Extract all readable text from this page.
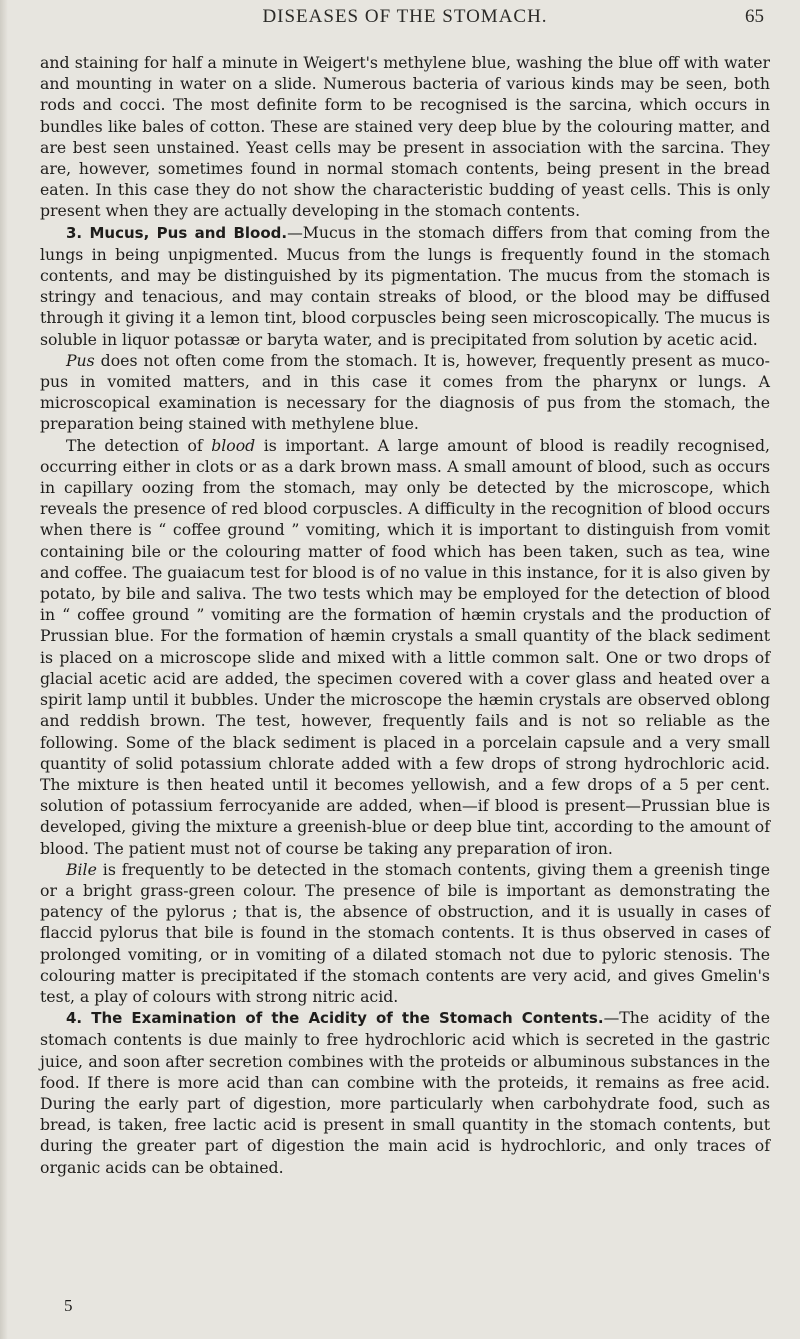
DISEASES OF THE STOMACH.	65

and staining for half a minute in Weigert's methylene blue, washing the blue off with water and mounting in water on a slide. Numerous bacteria of various kinds may be seen, both rods and cocci. The most definite form to be recognised is the sarcina, which occurs in bundles like bales of cotton. These are stained very deep blue by the colouring matter, and are best seen unstained. Yeast cells may be present in association with the sarcina. They are, however, sometimes found in normal stomach contents, being present in the bread eaten. In this case they do not show the characteristic budding of yeast cells. This is only present when they are actually developing in the stomach contents.

3. Mucus, Pus and Blood.—Mucus in the stomach differs from that coming from the lungs in being unpigmented. Mucus from the lungs is frequently found in the stomach contents, and may be distinguished by its pigmentation. The mucus from the stomach is stringy and tenacious, and may contain streaks of blood, or the blood may be diffused through it giving it a lemon tint, blood corpuscles being seen microscopically. The mucus is soluble in liquor potassæ or baryta water, and is precipitated from solution by acetic acid.

Pus does not often come from the stomach. It is, however, frequently present as muco-pus in vomited matters, and in this case it comes from the pharynx or lungs. A microscopical examination is necessary for the diagnosis of pus from the stomach, the preparation being stained with methylene blue.

The detection of blood is important. A large amount of blood is readily recognised, occurring either in clots or as a dark brown mass. A small amount of blood, such as occurs in capillary oozing from the stomach, may only be detected by the microscope, which reveals the presence of red blood corpuscles. A difficulty in the recognition of blood occurs when there is “ coffee ground ” vomiting, which it is important to distinguish from vomit containing bile or the colouring matter of food which has been taken, such as tea, wine and coffee. The guaiacum test for blood is of no value in this instance, for it is also given by potato, by bile and saliva. The two tests which may be employed for the detection of blood in “ coffee ground ” vomiting are the formation of hæmin crystals and the production of Prussian blue. For the formation of hæmin crystals a small quantity of the black sediment is placed on a microscope slide and mixed with a little common salt. One or two drops of glacial acetic acid are added, the specimen covered with a cover glass and heated over a spirit lamp until it bubbles. Under the microscope the hæmin crystals are observed oblong and reddish brown. The test, however, frequently fails and is not so reliable as the following. Some of the black sediment is placed in a porcelain capsule and a very small quantity of solid potassium chlorate added with a few drops of strong hydrochloric acid. The mixture is then heated until it becomes yellowish, and a few drops of a 5 per cent. solution of potassium ferrocyanide are added, when—if blood is present—Prussian blue is developed, giving the mixture a greenish-blue or deep blue tint, according to the amount of blood. The patient must not of course be taking any preparation of iron.

Bile is frequently to be detected in the stomach contents, giving them a greenish tinge or a bright grass-green colour. The presence of bile is important as demonstrating the patency of the pylorus ; that is, the absence of obstruction, and it is usually in cases of flaccid pylorus that bile is found in the stomach contents. It is thus observed in cases of prolonged vomiting, or in vomiting of a dilated stomach not due to pyloric stenosis. The colouring matter is precipitated if the stomach contents are very acid, and gives Gmelin's test, a play of colours with strong nitric acid.

4. The Examination of the Acidity of the Stomach Contents.—The acidity of the stomach contents is due mainly to free hydrochloric acid which is secreted in the gastric juice, and soon after secretion combines with the proteids or albuminous substances in the food. If there is more acid than can combine with the proteids, it remains as free acid. During the early part of digestion, more particularly when carbohydrate food, such as bread, is taken, free lactic acid is present in small quantity in the stomach contents, but during the greater part of digestion the main acid is hydrochloric, and only traces of organic acids can be obtained.

5
